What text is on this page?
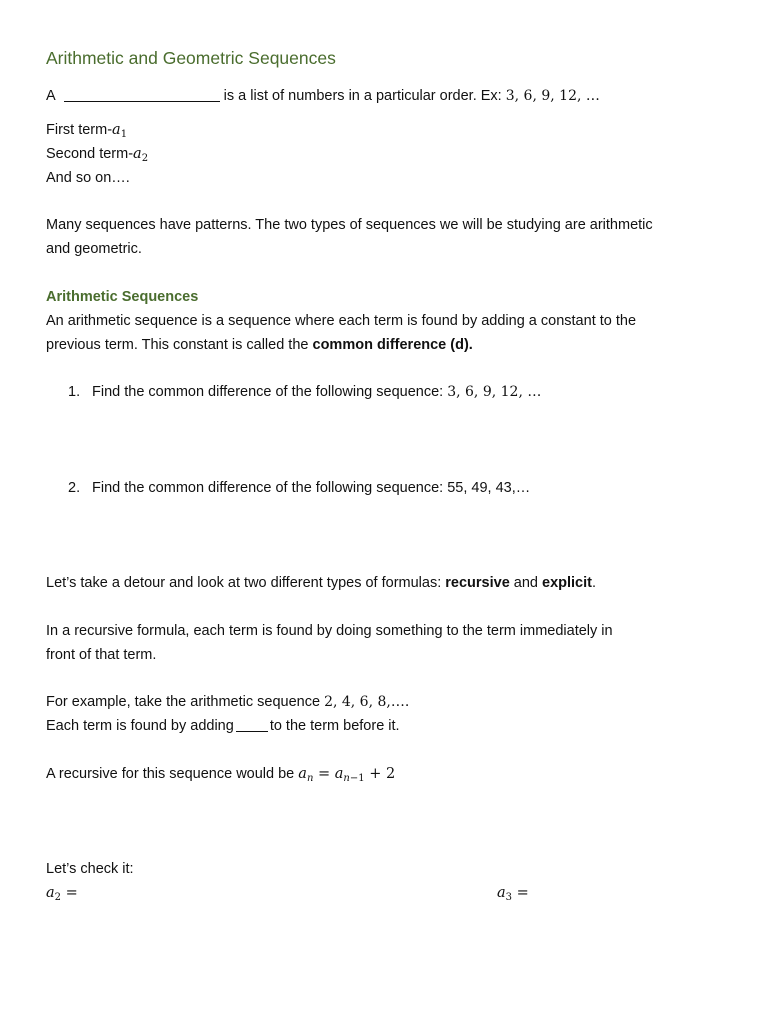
Arithmetic and Geometric Sequences
A	is a list of numbers in a particular order. Ex: 3, 6, 9, 12, …
First term-$a_1$
Second term-$a_2$
And so on….
Many sequences have patterns. The two types of sequences we will be studying are arithmetic
and geometric.
Arithmetic Sequences
An arithmetic sequence is a sequence where each term is found by adding a constant to the
previous term. This constant is called the common difference (d).
1. Find the common difference of the following sequence: 3, 6, 9, 12, …
2. Find the common difference of the following sequence: 55, 49, 43,…
Let’s take a detour and look at two different types of formulas: recursive and explicit.
In a recursive formula, each term is found by doing something to the term immediately in
front of that term.
For example, take the arithmetic sequence 2, 4, 6, 8,….
Each term is found by adding to the term before it.
A recursive for this sequence would be $a_n = a_{n-1} + 2$
Let’s check it:
$a_2$ =	$a_3$ =
